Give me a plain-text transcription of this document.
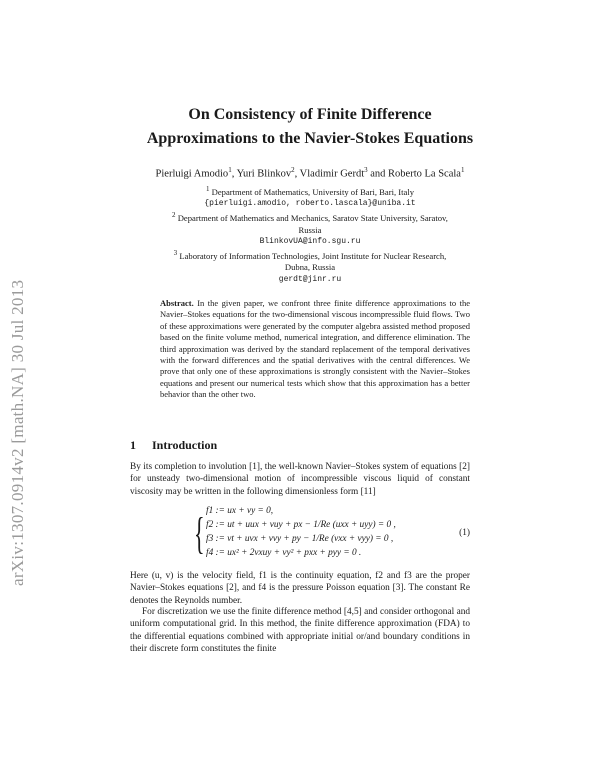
arXiv:1307.0914v2 [math.NA] 30 Jul 2013
On Consistency of Finite Difference
Approximations to the Navier-Stokes Equations
Pierluigi Amodio$^1$, Yuri Blinkov$^2$, Vladimir Gerdt$^3$ and Roberto La Scala$^1$
$^1$ Department of Mathematics, University of Bari, Bari, Italy
{pierluigi.amodio, roberto.lascala}@uniba.it
$^2$ Department of Mathematics and Mechanics, Saratov State University, Saratov,
Russia
BlinkovUA@info.sgu.ru
$^3$ Laboratory of Information Technologies, Joint Institute for Nuclear Research,
Dubna, Russia
gerdt@jinr.ru
Abstract. In the given paper, we confront three finite difference approximations to the Navier–Stokes equations for the two-dimensional viscous incompressible fluid flows. Two of these approximations were generated by the computer algebra assisted method proposed based on the finite volume method, numerical integration, and difference elimination. The third approximation was derived by the standard replacement of the temporal derivatives with the forward differences and the spatial derivatives with the central differences. We prove that only one of these approximations is strongly consistent with the Navier–Stokes equations and present our numerical tests which show that this approximation has a better behavior than the other two.
1 Introduction
By its completion to involution [1], the well-known Navier–Stokes system of equations [2] for unsteady two-dimensional motion of incompressible viscous liquid of constant viscosity may be written in the following dimensionless form [11]
{ f1 := ux + vy = 0,
f2 := ut + uux + vuy + px − 1/Re (uxx + uyy) = 0 ,
f3 := vt + uvx + vvy + py − 1/Re (vxx + vyy) = 0 ,
f4 := ux² + 2vxuy + vy² + pxx + pyy = 0 .
(1)
Here (u, v) is the velocity field, f1 is the continuity equation, f2 and f3 are the proper Navier–Stokes equations [2], and f4 is the pressure Poisson equation [3]. The constant Re denotes the Reynolds number.
For discretization we use the finite difference method [4,5] and consider orthogonal and uniform computational grid. In this method, the finite difference approximation (FDA) to the differential equations combined with appropriate initial or/and boundary conditions in their discrete form constitutes the finite
